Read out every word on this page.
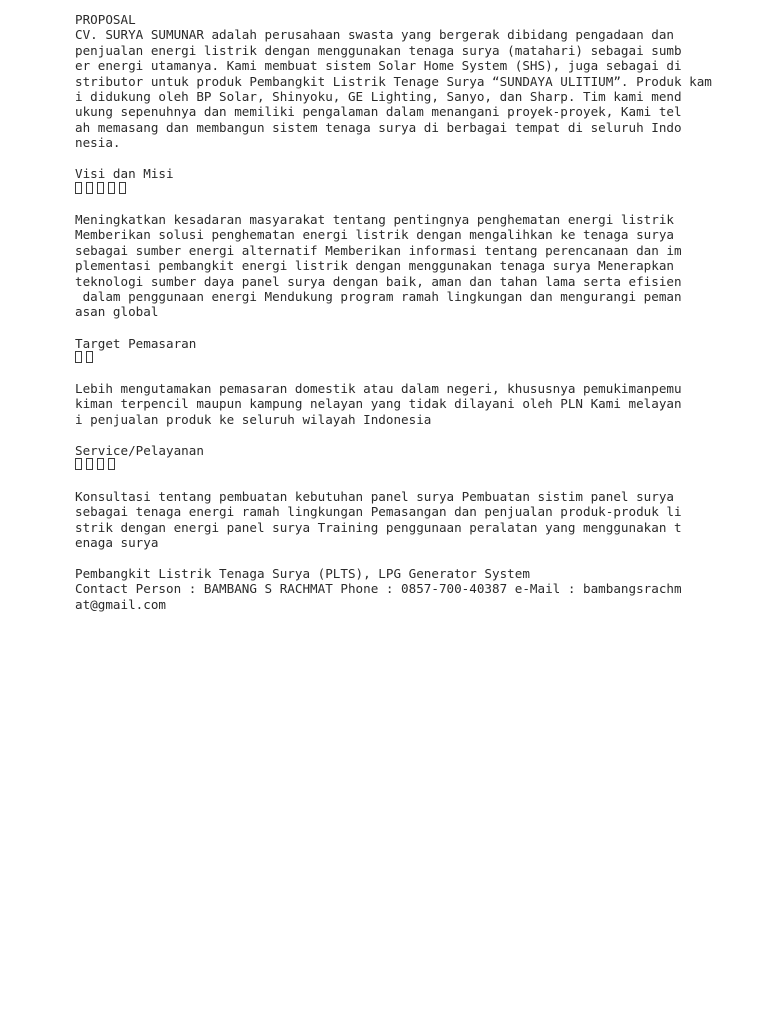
PROPOSAL
CV. SURYA SUMUNAR adalah perusahaan swasta yang bergerak dibidang pengadaan dan
penjualan energi listrik dengan menggunakan tenaga surya (matahari) sebagai sumb
er energi utamanya. Kami membuat sistem Solar Home System (SHS), juga sebagai di
stributor untuk produk Pembangkit Listrik Tenage Surya “SUNDAYA ULITIUM”. Produk kam
i didukung oleh BP Solar, Shinyoku, GE Lighting, Sanyo, dan Sharp. Tim kami mend
ukung sepenuhnya dan memiliki pengalaman dalam menangani proyek-proyek, Kami tel
ah memasang dan membangun sistem tenaga surya di berbagai tempat di seluruh Indo
nesia.
Visi dan Misi
Meningkatkan kesadaran masyarakat tentang pentingnya penghematan energi listrik
Memberikan solusi penghematan energi listrik dengan mengalihkan ke tenaga surya
sebagai sumber energi alternatif Memberikan informasi tentang perencanaan dan im
plementasi pembangkit energi listrik dengan menggunakan tenaga surya Menerapkan
teknologi sumber daya panel surya dengan baik, aman dan tahan lama serta efisien
dalam penggunaan energi Mendukung program ramah lingkungan dan mengurangi peman
asan global
Target Pemasaran
Lebih mengutamakan pemasaran domestik atau dalam negeri, khususnya pemukimanpemu
kiman terpencil maupun kampung nelayan yang tidak dilayani oleh PLN Kami melayan
i penjualan produk ke seluruh wilayah Indonesia
Service/Pelayanan
Konsultasi tentang pembuatan kebutuhan panel surya Pembuatan sistim panel surya
sebagai tenaga energi ramah lingkungan Pemasangan dan penjualan produk-produk li
strik dengan energi panel surya Training penggunaan peralatan yang menggunakan t
enaga surya
Pembangkit Listrik Tenaga Surya (PLTS), LPG Generator System
Contact Person : BAMBANG S RACHMAT Phone : 0857-700-40387 e-Mail : bambangsrachm
at@gmail.com
